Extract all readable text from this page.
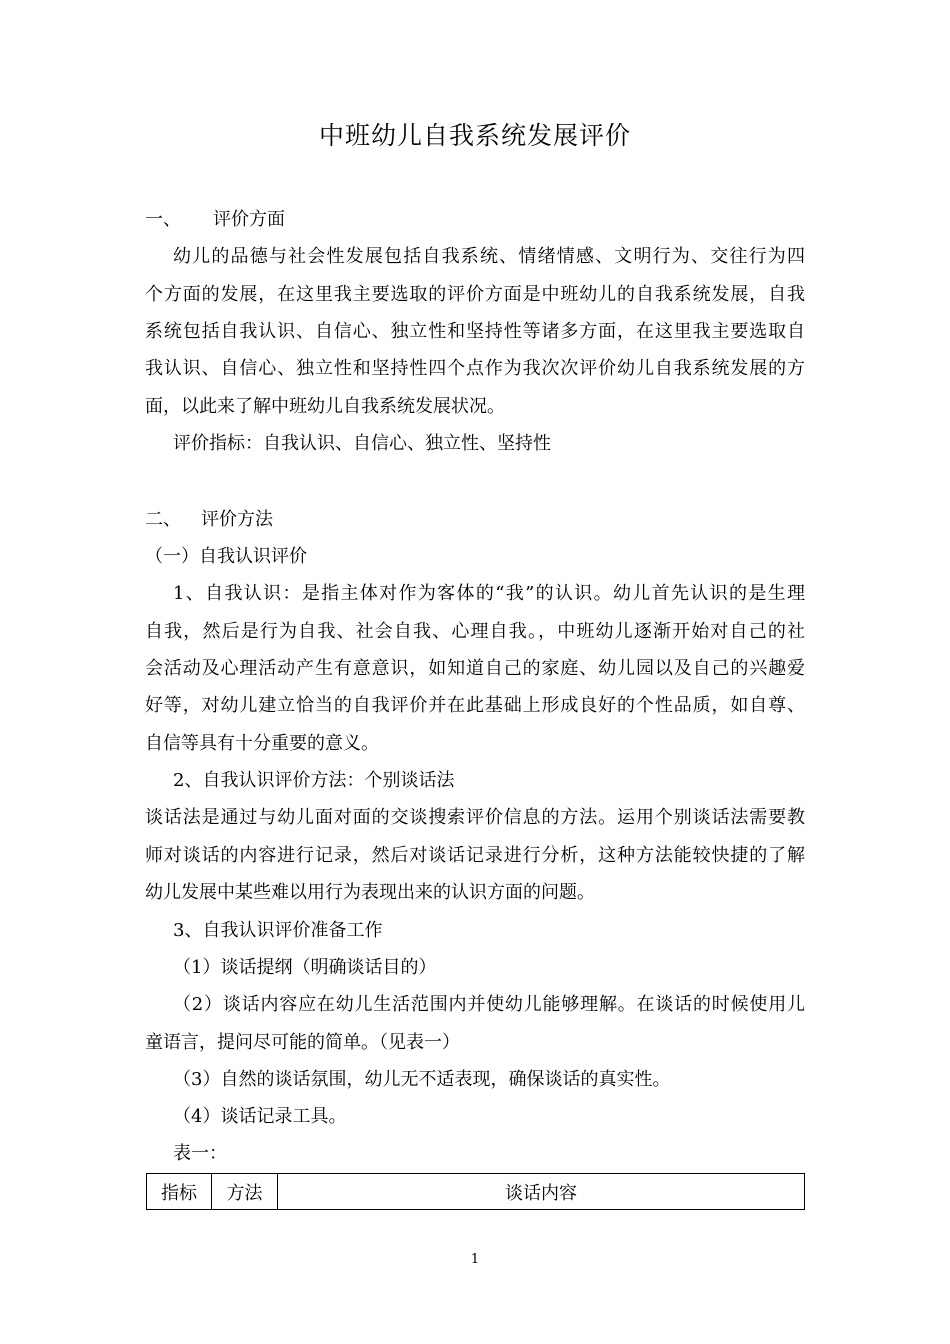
中班幼儿自我系统发展评价
一、 评价方面
幼儿的品德与社会性发展包括自我系统、情绪情感、文明行为、交往行为四
个方面的发展，在这里我主要选取的评价方面是中班幼儿的自我系统发展，自我
系统包括自我认识、自信心、独立性和坚持性等诸多方面，在这里我主要选取自
我认识、自信心、独立性和坚持性四个点作为我次次评价幼儿自我系统发展的方
面，以此来了解中班幼儿自我系统发展状况。
评价指标：自我认识、自信心、独立性、坚持性
二、 评价方法
（一）自我认识评价
1、自我认识：是指主体对作为客体的“我”的认识。幼儿首先认识的是生理
自我，然后是行为自我、社会自我、心理自我。，中班幼儿逐渐开始对自己的社
会活动及心理活动产生有意意识，如知道自己的家庭、幼儿园以及自己的兴趣爱
好等，对幼儿建立恰当的自我评价并在此基础上形成良好的个性品质，如自尊、
自信等具有十分重要的意义。
2、自我认识评价方法：个别谈话法
谈话法是通过与幼儿面对面的交谈搜索评价信息的方法。运用个别谈话法需要教
师对谈话的内容进行记录，然后对谈话记录进行分析，这种方法能较快捷的了解
幼儿发展中某些难以用行为表现出来的认识方面的问题。
3、自我认识评价准备工作
（1）谈话提纲（明确谈话目的）
（2）谈话内容应在幼儿生活范围内并使幼儿能够理解。在谈话的时候使用儿
童语言，提问尽可能的简单。（见表一）
（3）自然的谈话氛围，幼儿无不适表现，确保谈话的真实性。
（4）谈话记录工具。
表一：
指标	方法	谈话内容
1
